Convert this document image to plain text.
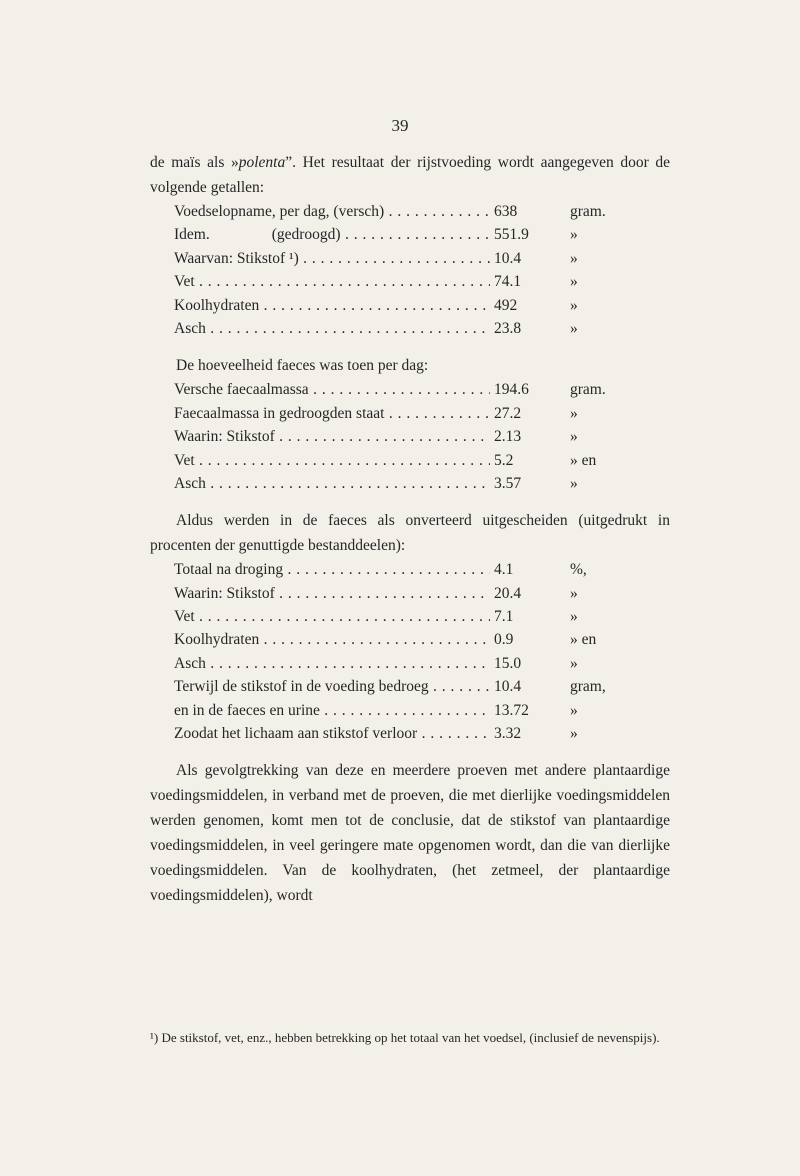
39

de maïs als »polenta”. Het resultaat der rijstvoeding wordt aangegeven door de volgende getallen:

Voedselopname, per dag, (versch) . . .	638	gram.
Idem.                (gedroogd) . . .	551.9	»
Waarvan: Stikstof ¹) . . .	10.4	»
Vet . . .	74.1	»
Koolhydraten . . .	492	»
Asch . . .	23.8	»

De hoeveelheid faeces was toen per dag:

Versche faecaalmassa . . .	194.6	gram.
Faecaalmassa in gedroogden staat . . .	27.2	»
Waarin: Stikstof . . .	2.13	»
Vet . . .	5.2	» en
Asch . . .	3.57	»

Aldus werden in de faeces als onverteerd uitgescheiden (uitgedrukt in procenten der genuttigde bestanddeelen):

Totaal na droging . . .	4.1	%,
Waarin: Stikstof . . .	20.4	»
Vet . . .	7.1	»
Koolhydraten . . .	0.9	» en
Asch . . .	15.0	»
Terwijl de stikstof in de voeding bedroeg . . .	10.4	gram,
en in de faeces en urine . . .	13.72	»
Zoodat het lichaam aan stikstof verloor . . .	3.32	»

Als gevolgtrekking van deze en meerdere proeven met andere plantaardige voedingsmiddelen, in verband met de proeven, die met dierlijke voedingsmiddelen werden genomen, komt men tot de conclusie, dat de stikstof van plantaardige voedingsmiddelen, in veel geringere mate opgenomen wordt, dan die van dierlijke voedingsmiddelen. Van de koolhydraten, (het zetmeel, der plantaardige voedingsmiddelen), wordt

¹) De stikstof, vet, enz., hebben betrekking op het totaal van het voedsel, (inclusief de nevenspijs).
